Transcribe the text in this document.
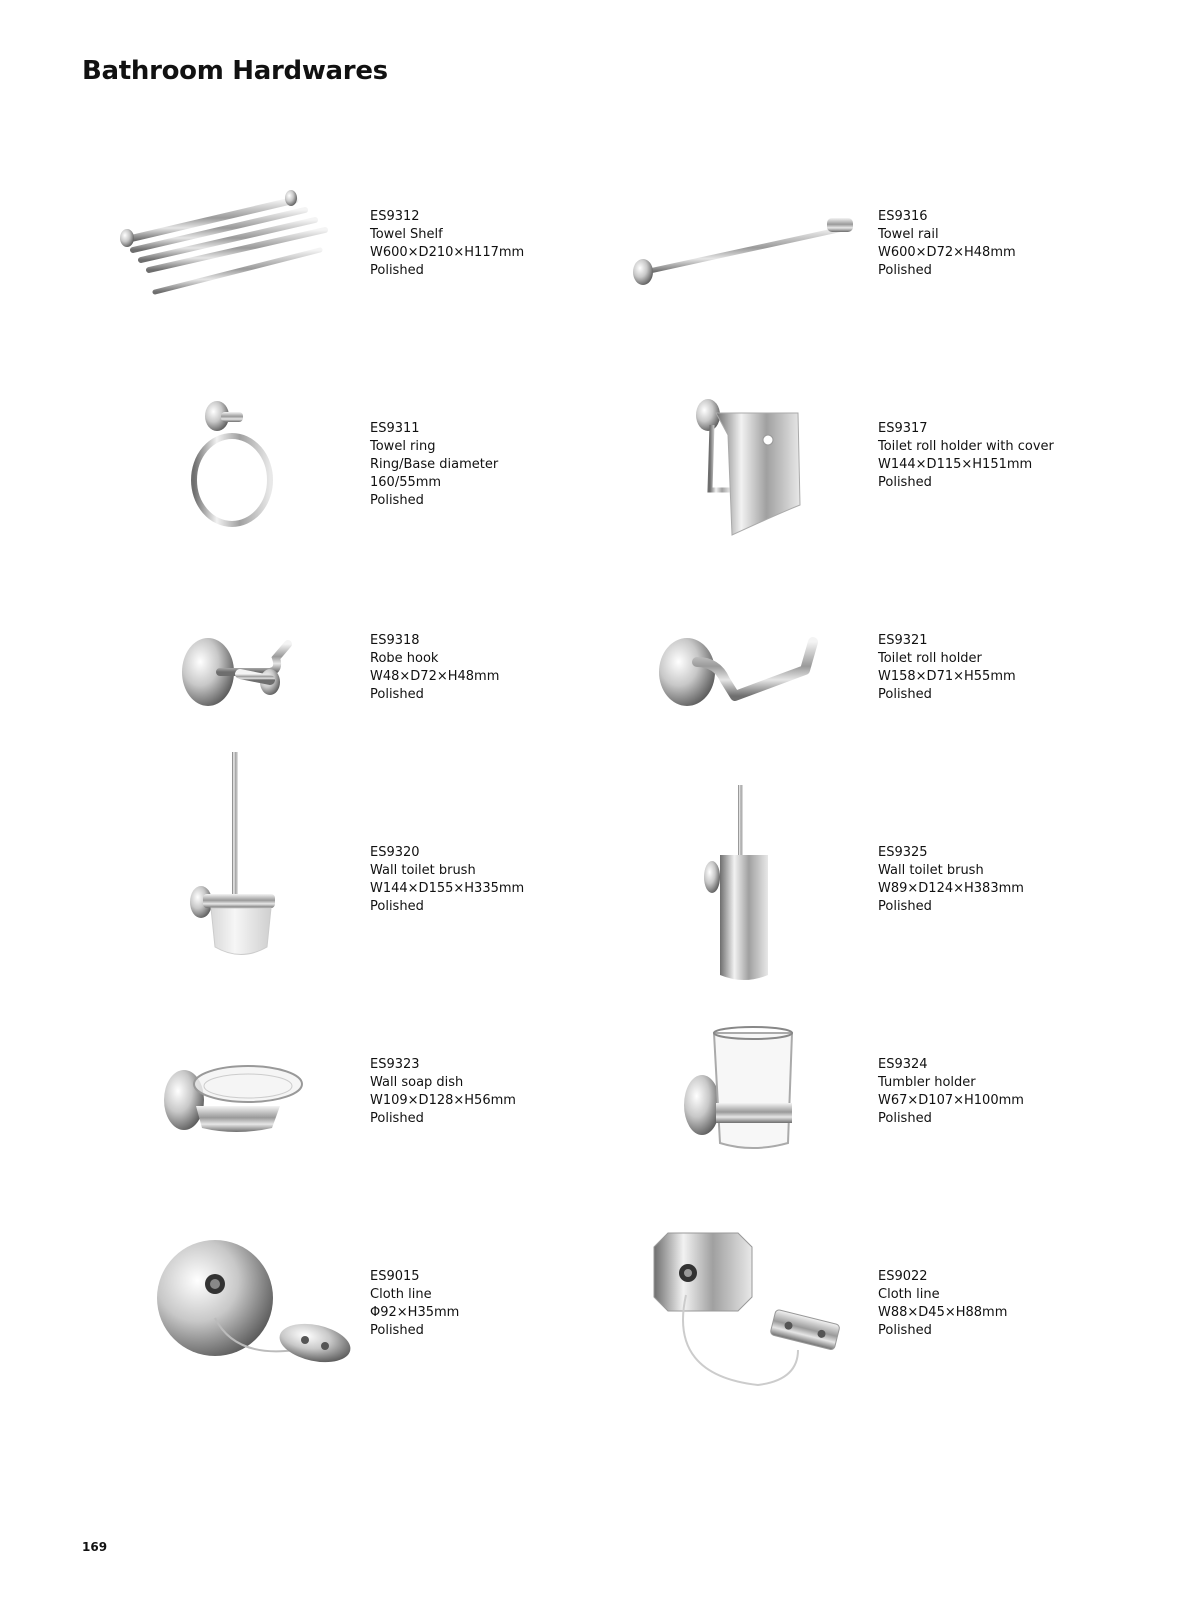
Bathroom Hardwares
ES9312
Towel Shelf
W600×D210×H117mm
Polished
ES9316
Towel rail
W600×D72×H48mm
Polished
ES9311
Towel ring
Ring/Base diameter
160/55mm
Polished
ES9317
Toilet roll holder with cover
W144×D115×H151mm
Polished
ES9318
Robe hook
W48×D72×H48mm
Polished
ES9321
Toilet roll holder
W158×D71×H55mm
Polished
ES9320
Wall toilet brush
W144×D155×H335mm
Polished
ES9325
Wall toilet brush
W89×D124×H383mm
Polished
ES9323
Wall soap dish
W109×D128×H56mm
Polished
ES9324
Tumbler holder
W67×D107×H100mm
Polished
ES9015
Cloth line
Φ92×H35mm
Polished
ES9022
Cloth line
W88×D45×H88mm
Polished
169
